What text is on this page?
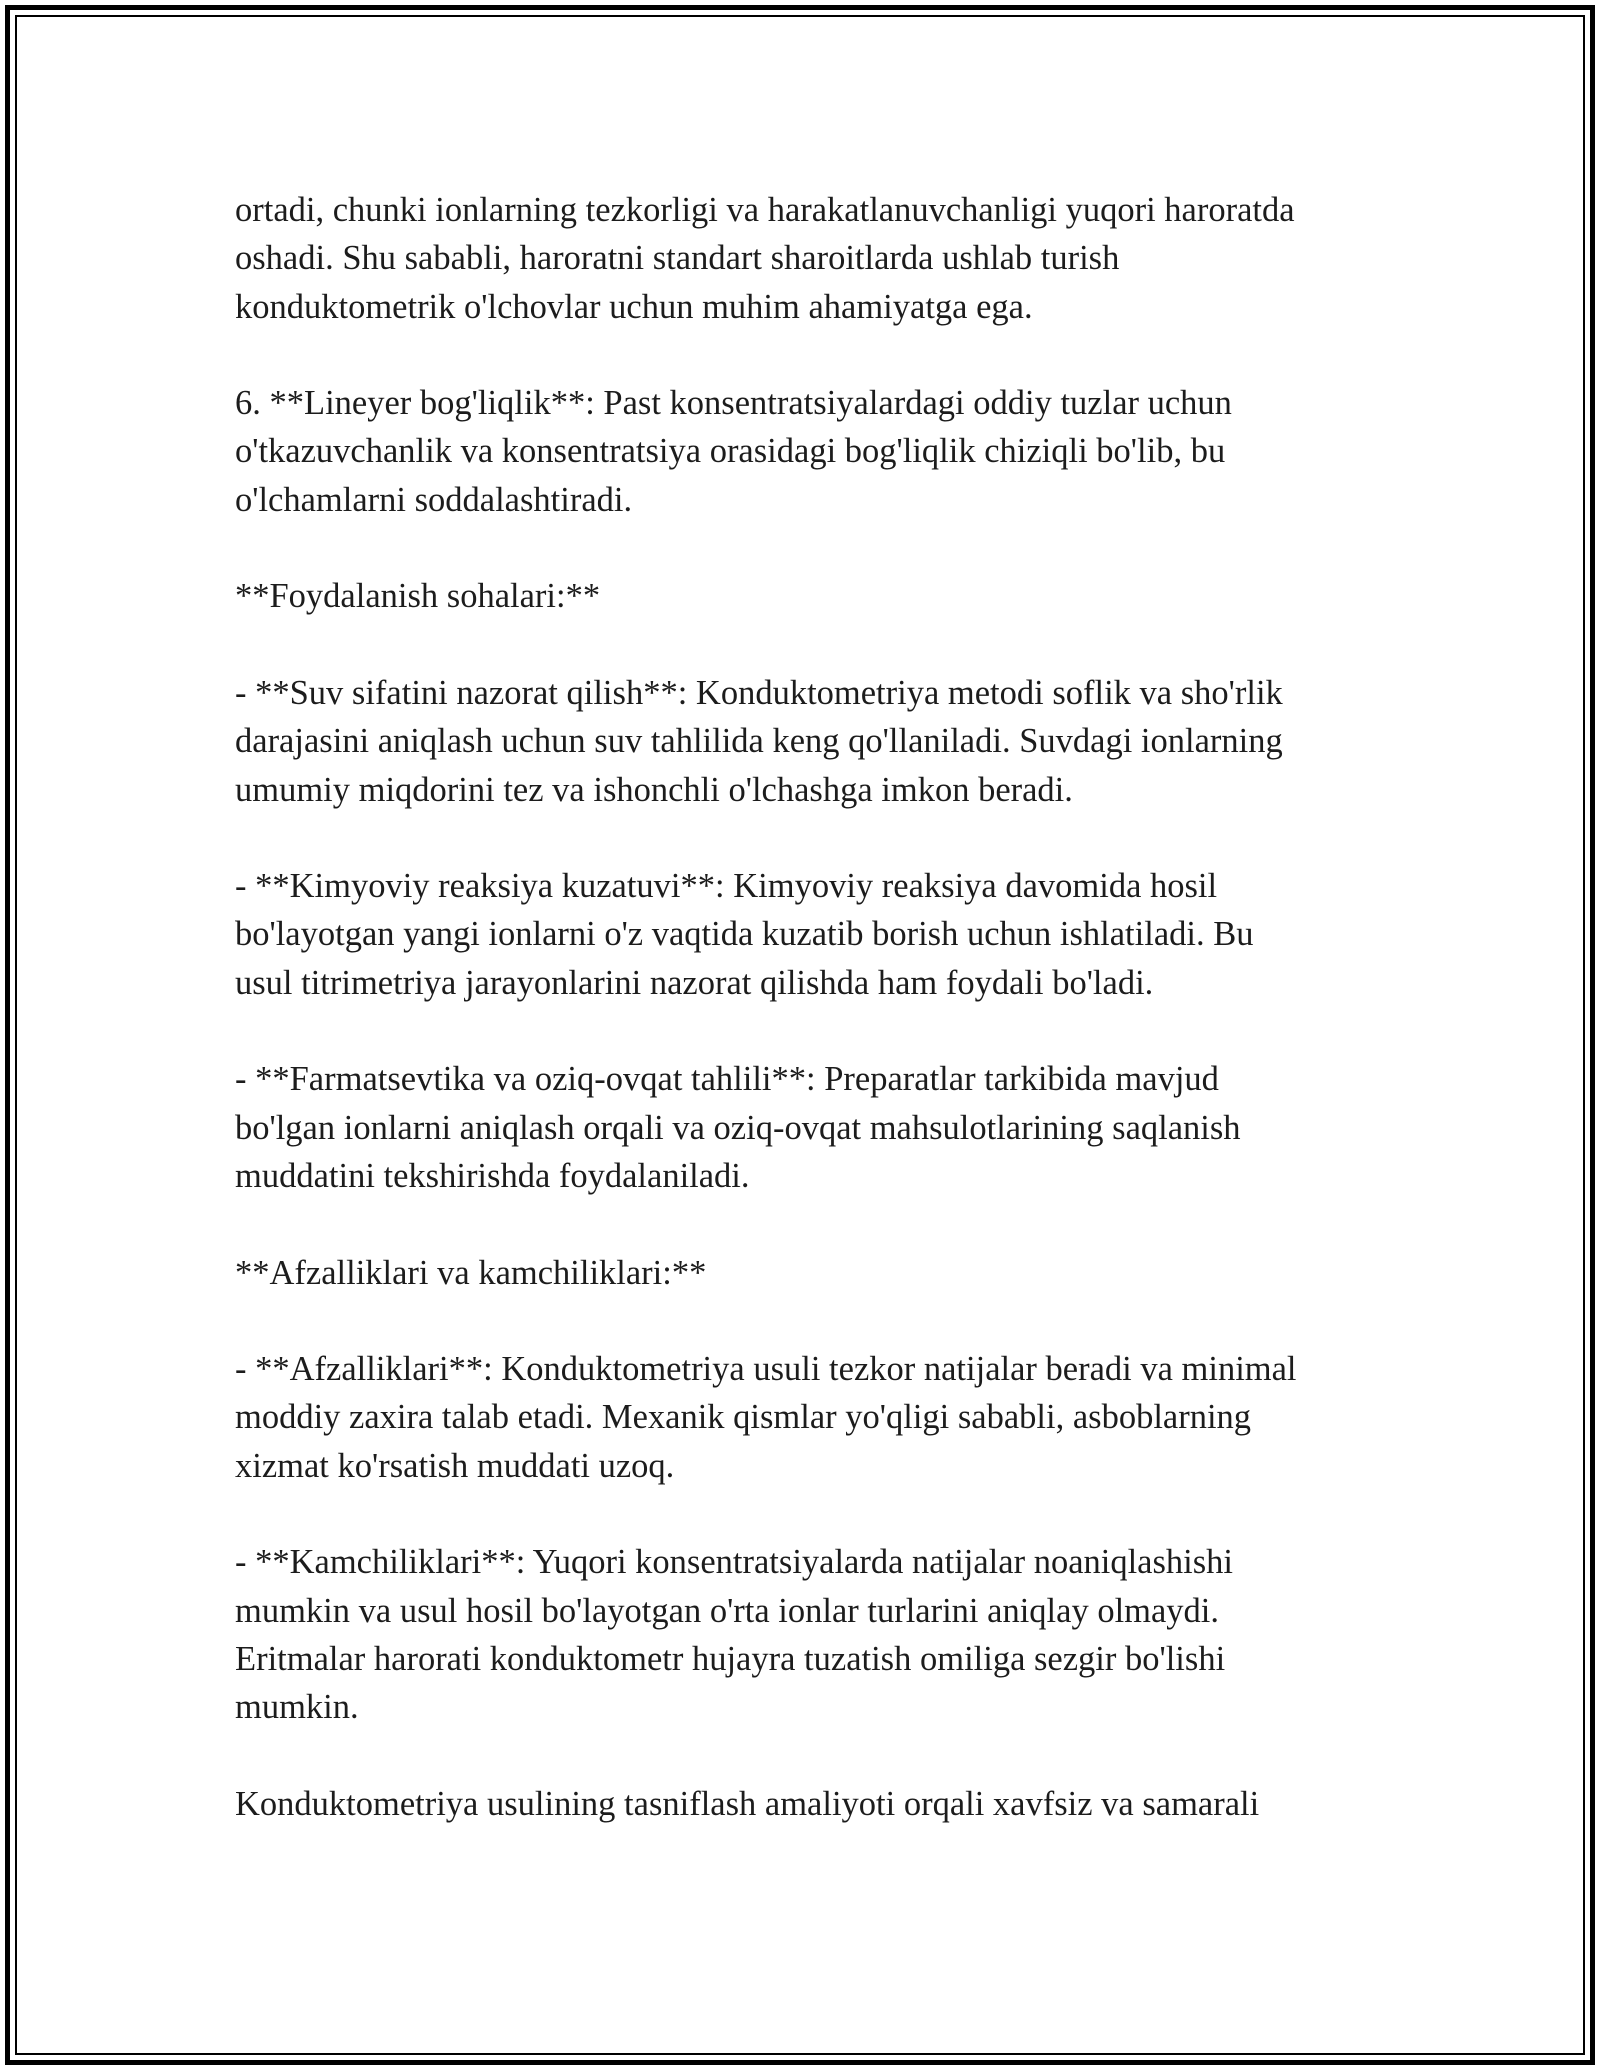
ortadi, chunki ionlarning tezkorligi va harakatlanuvchanligi yuqori haroratda
oshadi. Shu sababli, haroratni standart sharoitlarda ushlab turish
konduktometrik o'lchovlar uchun muhim ahamiyatga ega.

6. **Lineyer bog'liqlik**: Past konsentratsiyalardagi oddiy tuzlar uchun
o'tkazuvchanlik va konsentratsiya orasidagi bog'liqlik chiziqli bo'lib, bu
o'lchamlarni soddalashtiradi.

**Foydalanish sohalari:**

- **Suv sifatini nazorat qilish**: Konduktometriya metodi soflik va sho'rlik
darajasini aniqlash uchun suv tahlilida keng qo'llaniladi. Suvdagi ionlarning
umumiy miqdorini tez va ishonchli o'lchashga imkon beradi.

- **Kimyoviy reaksiya kuzatuvi**: Kimyoviy reaksiya davomida hosil
bo'layotgan yangi ionlarni o'z vaqtida kuzatib borish uchun ishlatiladi. Bu
usul titrimetriya jarayonlarini nazorat qilishda ham foydali bo'ladi.

- **Farmatsevtika va oziq-ovqat tahlili**: Preparatlar tarkibida mavjud
bo'lgan ionlarni aniqlash orqali va oziq-ovqat mahsulotlarining saqlanish
muddatini tekshirishda foydalaniladi.

**Afzalliklari va kamchiliklari:**

- **Afzalliklari**: Konduktometriya usuli tezkor natijalar beradi va minimal
moddiy zaxira talab etadi. Mexanik qismlar yo'qligi sababli, asboblarning
xizmat ko'rsatish muddati uzoq.

- **Kamchiliklari**: Yuqori konsentratsiyalarda natijalar noaniqlashishi
mumkin va usul hosil bo'layotgan o'rta ionlar turlarini aniqlay olmaydi.
Eritmalar harorati konduktometr hujayra tuzatish omiliga sezgir bo'lishi
mumkin.

Konduktometriya usulining tasniflash amaliyoti orqali xavfsiz va samarali
